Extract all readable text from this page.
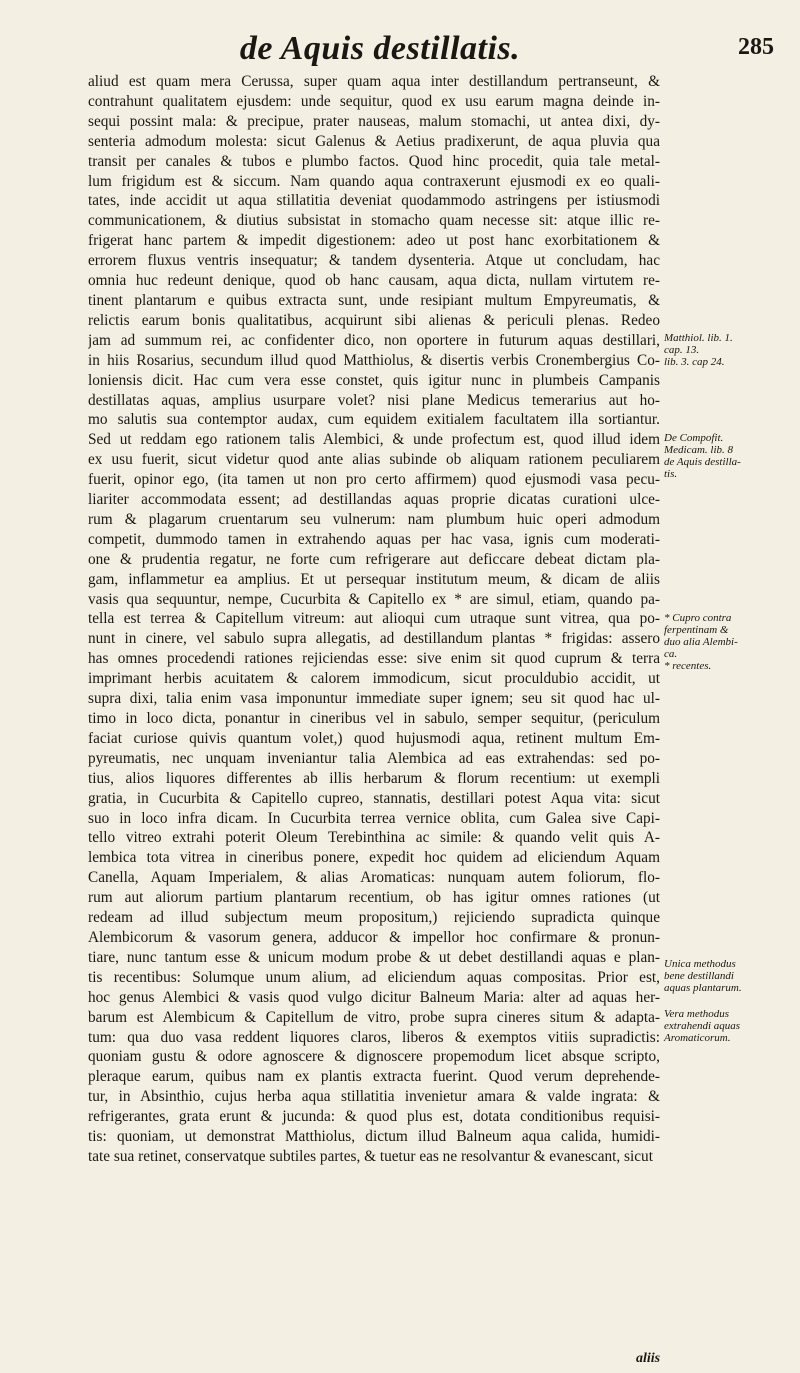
de Aquis destillatis.	285
aliud est quam mera Cerussa, super quam aqua inter destillandum pertranseunt, &
contrahunt qualitatem ejusdem: unde sequitur, quod ex usu earum magna deinde in-
sequi possint mala: & precipue, prater nauseas, malum stomachi, ut antea dixi, dy-
senteria admodum molesta: sicut Galenus & Aetius pradixerunt, de aqua pluvia qua
transit per canales & tubos e plumbo factos. Quod hinc procedit, quia tale metal-
lum frigidum est & siccum. Nam quando aqua contraxerunt ejusmodi ex eo quali-
tates, inde accidit ut aqua stillatitia deveniat quodammodo astringens per istiusmodi
communicationem, & diutius subsistat in stomacho quam necesse sit: atque illic re-
frigerat hanc partem & impedit digestionem: adeo ut post hanc exorbitationem &
errorem fluxus ventris insequatur; & tandem dysenteria. Atque ut concludam, hac
omnia huc redeunt denique, quod ob hanc causam, aqua dicta, nullam virtutem re-
tinent plantarum e quibus extracta sunt, unde resipiant multum Empyreumatis, &
relictis earum bonis qualitatibus, acquirunt sibi alienas & periculi plenas. Redeo
jam ad summum rei, ac confidenter dico, non oportere in futurum aquas destillari,
in hiis Rosarius, secundum illud quod Matthiolus, & disertis verbis Cronembergius Co-
loniensis dicit. Hac cum vera esse constet, quis igitur nunc in plumbeis Campanis
destillatas aquas, amplius usurpare volet? nisi plane Medicus temerarius aut ho-
mo salutis sua contemptor audax, cum equidem exitialem facultatem illa sortiantur.
Sed ut reddam ego rationem talis Alembici, & unde profectum est, quod illud idem
ex usu fuerit, sicut videtur quod ante alias subinde ob aliquam rationem peculiarem
fuerit, opinor ego, (ita tamen ut non pro certo affirmem) quod ejusmodi vasa pecu-
liariter accommodata essent; ad destillandas aquas proprie dicatas curationi ulce-
rum & plagarum cruentarum seu vulnerum: nam plumbum huic operi admodum
competit, dummodo tamen in extrahendo aquas per hac vasa, ignis cum moderati-
one & prudentia regatur, ne forte cum refrigerare aut deficcare debeat dictam pla-
gam, inflammetur ea amplius. Et ut persequar institutum meum, & dicam de aliis
vasis qua sequuntur, nempe, Cucurbita & Capitello ex * are simul, etiam, quando pa-
tella est terrea & Capitellum vitreum: aut alioqui cum utraque sunt vitrea, qua po-
nunt in cinere, vel sabulo supra allegatis, ad destillandum plantas * frigidas: assero
has omnes procedendi rationes rejiciendas esse: sive enim sit quod cuprum & terra
imprimant herbis acuitatem & calorem immodicum, sicut proculdubio accidit, ut
supra dixi, talia enim vasa imponuntur immediate super ignem; seu sit quod hac ul-
timo in loco dicta, ponantur in cineribus vel in sabulo, semper sequitur, (periculum
faciat curiose quivis quantum volet,) quod hujusmodi aqua, retinent multum Em-
pyreumatis, nec unquam inveniantur talia Alembica ad eas extrahendas: sed po-
tius, alios liquores differentes ab illis herbarum & florum recentium: ut exempli
gratia, in Cucurbita & Capitello cupreo, stannatis, destillari potest Aqua vita: sicut
suo in loco infra dicam. In Cucurbita terrea vernice oblita, cum Galea sive Capi-
tello vitreo extrahi poterit Oleum Terebinthina ac simile: & quando velit quis A-
lembica tota vitrea in cineribus ponere, expedit hoc quidem ad eliciendum Aquam
Canella, Aquam Imperialem, & alias Aromaticas: nunquam autem foliorum, flo-
rum aut aliorum partium plantarum recentium, ob has igitur omnes rationes (ut
redeam ad illud subjectum meum propositum,) rejiciendo supradicta quinque
Alembicorum & vasorum genera, adducor & impellor hoc confirmare & pronun-
tiare, nunc tantum esse & unicum modum probe & ut debet destillandi aquas e plan-
tis recentibus: Solumque unum alium, ad eliciendum aquas compositas. Prior est,
hoc genus Alembici & vasis quod vulgo dicitur Balneum Maria: alter ad aquas her-
barum est Alembicum & Capitellum de vitro, probe supra cineres situm & adapta-
tum: qua duo vasa reddent liquores claros, liberos & exemptos vitiis supradictis:
quoniam gustu & odore agnoscere & dignoscere propemodum licet absque scripto,
pleraque earum, quibus nam ex plantis extracta fuerint. Quod verum deprehende-
tur, in Absinthio, cujus herba aqua stillatitia invenietur amara & valde ingrata: &
refrigerantes, grata erunt & jucunda: & quod plus est, dotata conditionibus requisi-
tis: quoniam, ut demonstrat Matthiolus, dictum illud Balneum aqua calida, humidi-
tate sua retinet, conservatque subtiles partes, & tuetur eas ne resolvantur & evanescant, sicut
Matthiol. lib. 1.
cap. 13.
lib. 3. cap 24.
De Compofit.
Medicam. lib. 8
de Aquis destilla-
tis.
* Cupro contra
ferpentinam &
duo alia Alembi-
ca.
* recentes.
Unica methodus
bene destillandi
aquas plantarum.
Vera methodus
extrahendi aquas
Aromaticorum.
aliis
